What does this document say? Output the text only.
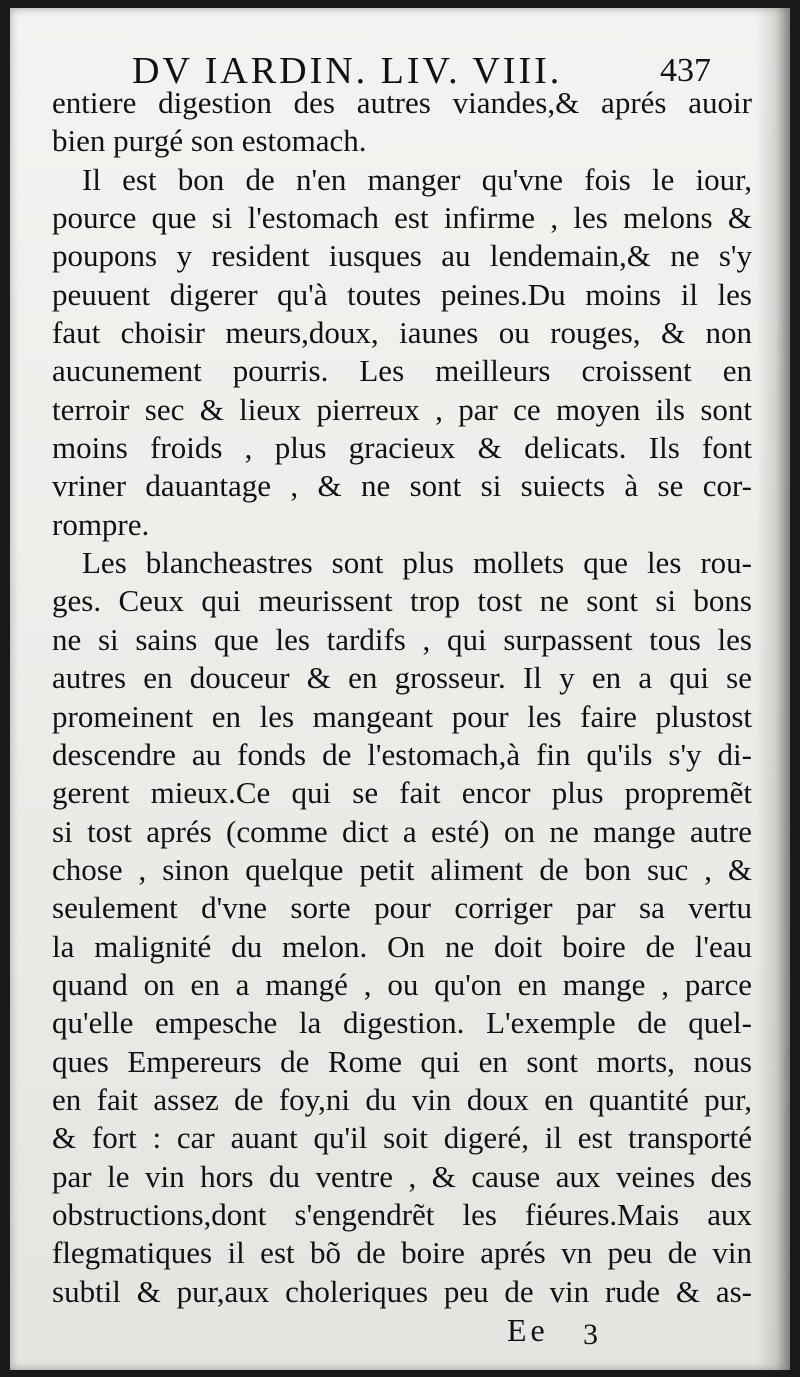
DV IARDIN. LIV. VIII.	437
entiere digestion des autres viandes,& aprés auoir
bien purgé son estomach.
Il est bon de n'en manger qu'vne fois le iour,
pource que si l'estomach est infirme , les melons &
poupons y resident iusques au lendemain,& ne s'y
peuuent digerer qu'à toutes peines.Du moins il les
faut choisir meurs,doux, iaunes ou rouges, & non
aucunement pourris. Les meilleurs croissent en
terroir sec & lieux pierreux , par ce moyen ils sont
moins froids , plus gracieux & delicats. Ils font
vriner dauantage , & ne sont si suiects à se cor-
rompre.
Les blancheastres sont plus mollets que les rou-
ges. Ceux qui meurissent trop tost ne sont si bons
ne si sains que les tardifs , qui surpassent tous les
autres en douceur & en grosseur. Il y en a qui se
promeinent en les mangeant pour les faire plustost
descendre au fonds de l'estomach,à fin qu'ils s'y di-
gerent mieux.Ce qui se fait encor plus propremẽt
si tost aprés (comme dict a esté) on ne mange autre
chose , sinon quelque petit aliment de bon suc , &
seulement d'vne sorte pour corriger par sa vertu
la malignité du melon. On ne doit boire de l'eau
quand on en a mangé , ou qu'on en mange , parce
qu'elle empesche la digestion. L'exemple de quel-
ques Empereurs de Rome qui en sont morts, nous
en fait assez de foy,ni du vin doux en quantité pur,
& fort : car auant qu'il soit digeré, il est transporté
par le vin hors du ventre , & cause aux veines des
obstructions,dont s'engendrẽt les fiéures.Mais aux
flegmatiques il est bõ de boire aprés vn peu de vin
subtil & pur,aux choleriques peu de vin rude & as-
Ee 3
